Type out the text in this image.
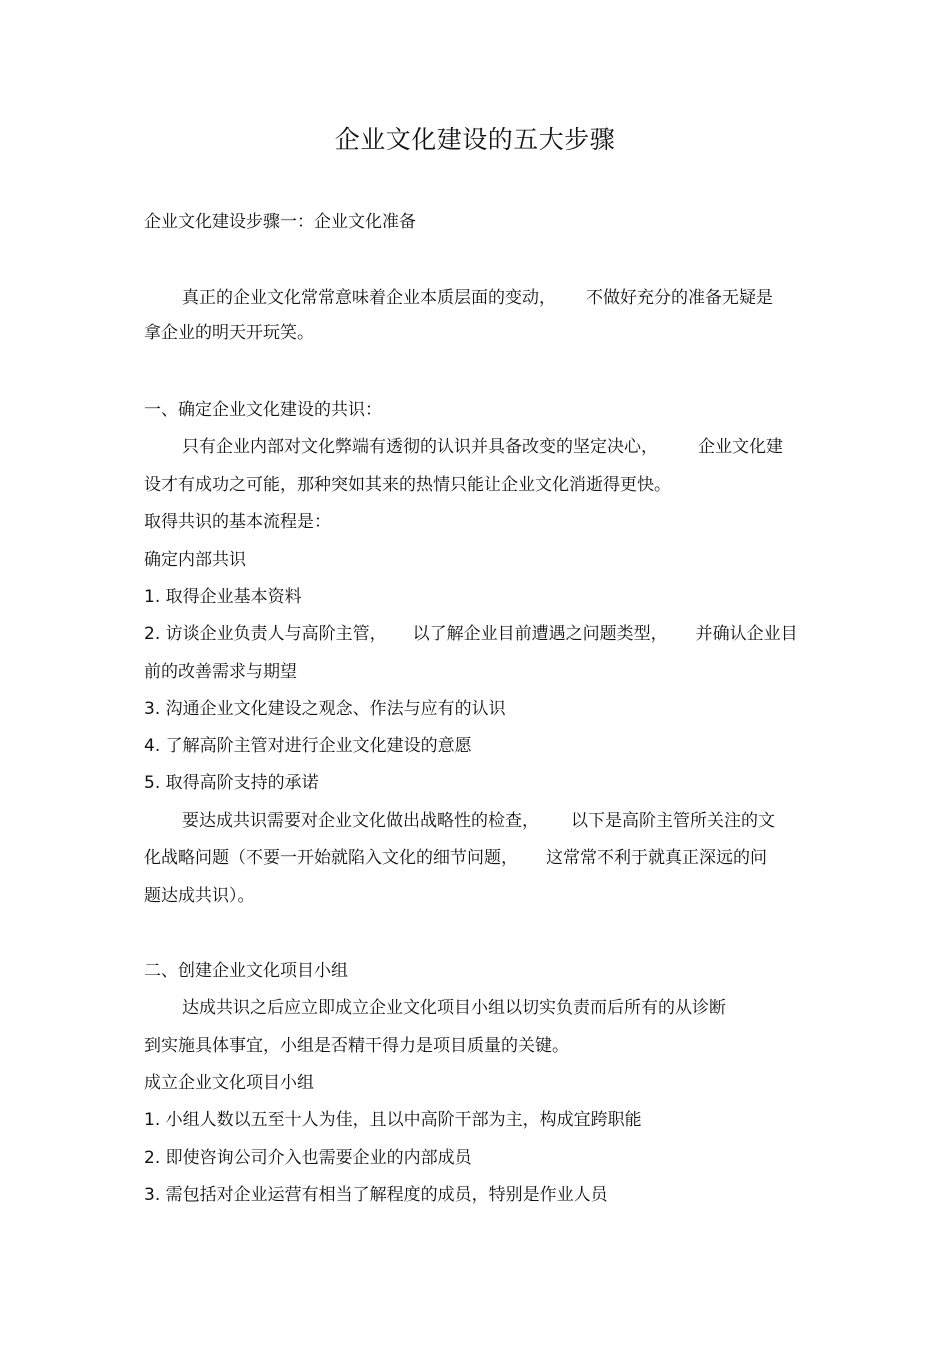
企业文化建设的五大步骤
企业文化建设步骤一：企业文化准备
真正的企业文化常常意味着企业本质层面的变动， 不做好充分的准备无疑是
拿企业的明天开玩笑。
一、确定企业文化建设的共识：
只有企业内部对文化弊端有透彻的认识并具备改变的坚定决心， 企业文化建
设才有成功之可能，那种突如其来的热情只能让企业文化消逝得更快。
取得共识的基本流程是：
确定内部共识
1. 取得企业基本资料
2. 访谈企业负责人与高阶主管， 以了解企业目前遭遇之问题类型， 并确认企业目
前的改善需求与期望
3. 沟通企业文化建设之观念、作法与应有的认识
4. 了解高阶主管对进行企业文化建设的意愿
5. 取得高阶支持的承诺
要达成共识需要对企业文化做出战略性的检查， 以下是高阶主管所关注的文
化战略问题（不要一开始就陷入文化的细节问题， 这常常不利于就真正深远的问
题达成共识）。
二、创建企业文化项目小组
达成共识之后应立即成立企业文化项目小组以切实负责而后所有的从诊断
到实施具体事宜，小组是否精干得力是项目质量的关键。
成立企业文化项目小组
1. 小组人数以五至十人为佳，且以中高阶干部为主，构成宜跨职能
2. 即使咨询公司介入也需要企业的内部成员
3. 需包括对企业运营有相当了解程度的成员，特别是作业人员
